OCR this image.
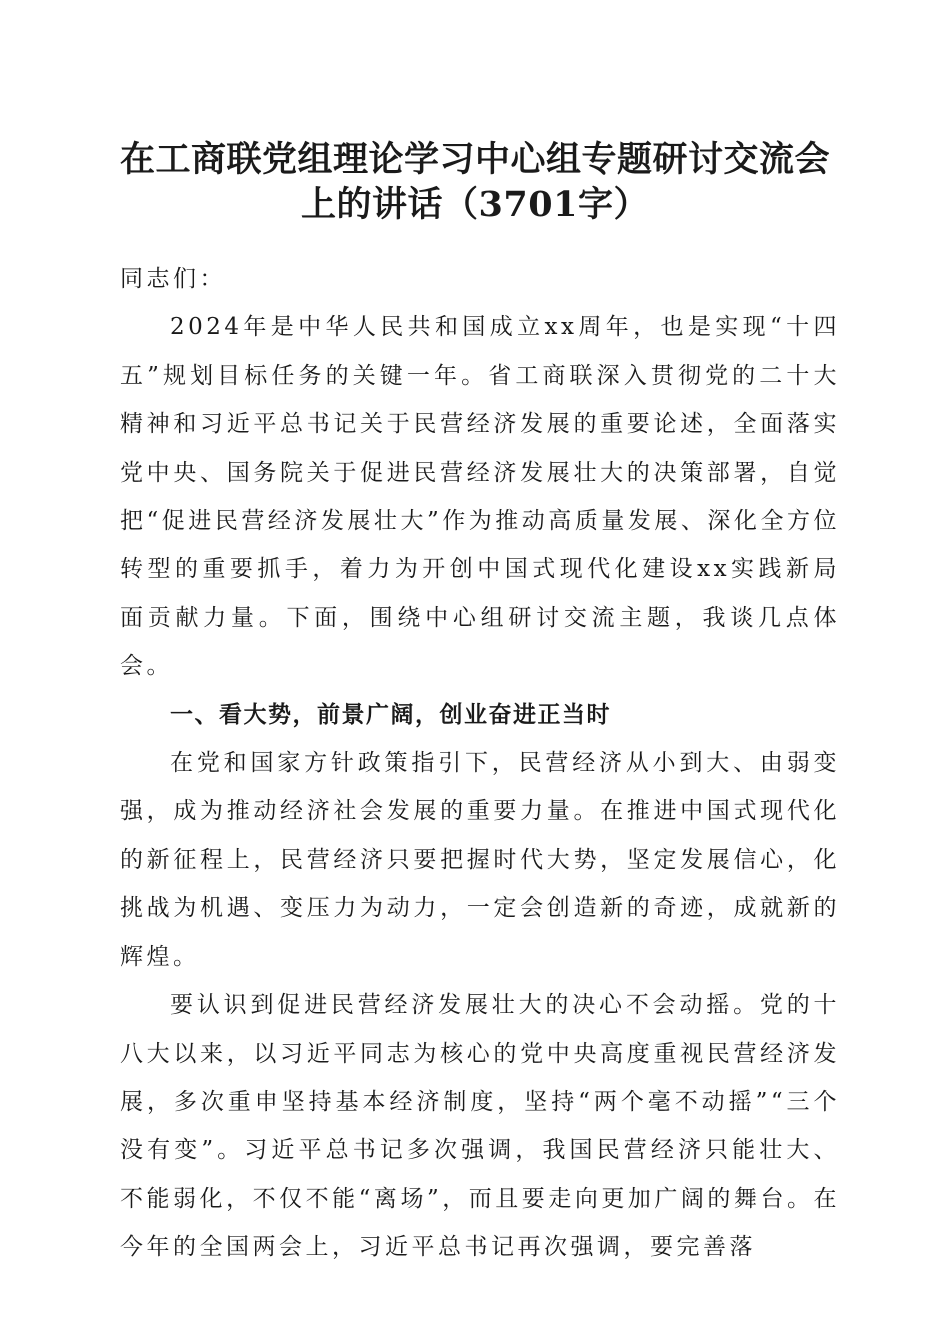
在工商联党组理论学习中心组专题研讨交流会
上的讲话（3701字）

同志们：

2024年是中华人民共和国成立xx周年，也是实现“十四五”规划目标任务的关键一年。省工商联深入贯彻党的二十大精神和习近平总书记关于民营经济发展的重要论述，全面落实党中央、国务院关于促进民营经济发展壮大的决策部署，自觉把“促进民营经济发展壮大”作为推动高质量发展、深化全方位转型的重要抓手，着力为开创中国式现代化建设xx实践新局面贡献力量。下面，围绕中心组研讨交流主题，我谈几点体会。

一、看大势，前景广阔，创业奋进正当时

在党和国家方针政策指引下，民营经济从小到大、由弱变强，成为推动经济社会发展的重要力量。在推进中国式现代化的新征程上，民营经济只要把握时代大势，坚定发展信心，化挑战为机遇、变压力为动力，一定会创造新的奇迹，成就新的辉煌。

要认识到促进民营经济发展壮大的决心不会动摇。党的十八大以来，以习近平同志为核心的党中央高度重视民营经济发展，多次重申坚持基本经济制度，坚持“两个毫不动摇”“三个没有变”。习近平总书记多次强调，我国民营经济只能壮大、不能弱化，不仅不能“离场”，而且要走向更加广阔的舞台。在今年的全国两会上，习近平总书记再次强调，要完善落
